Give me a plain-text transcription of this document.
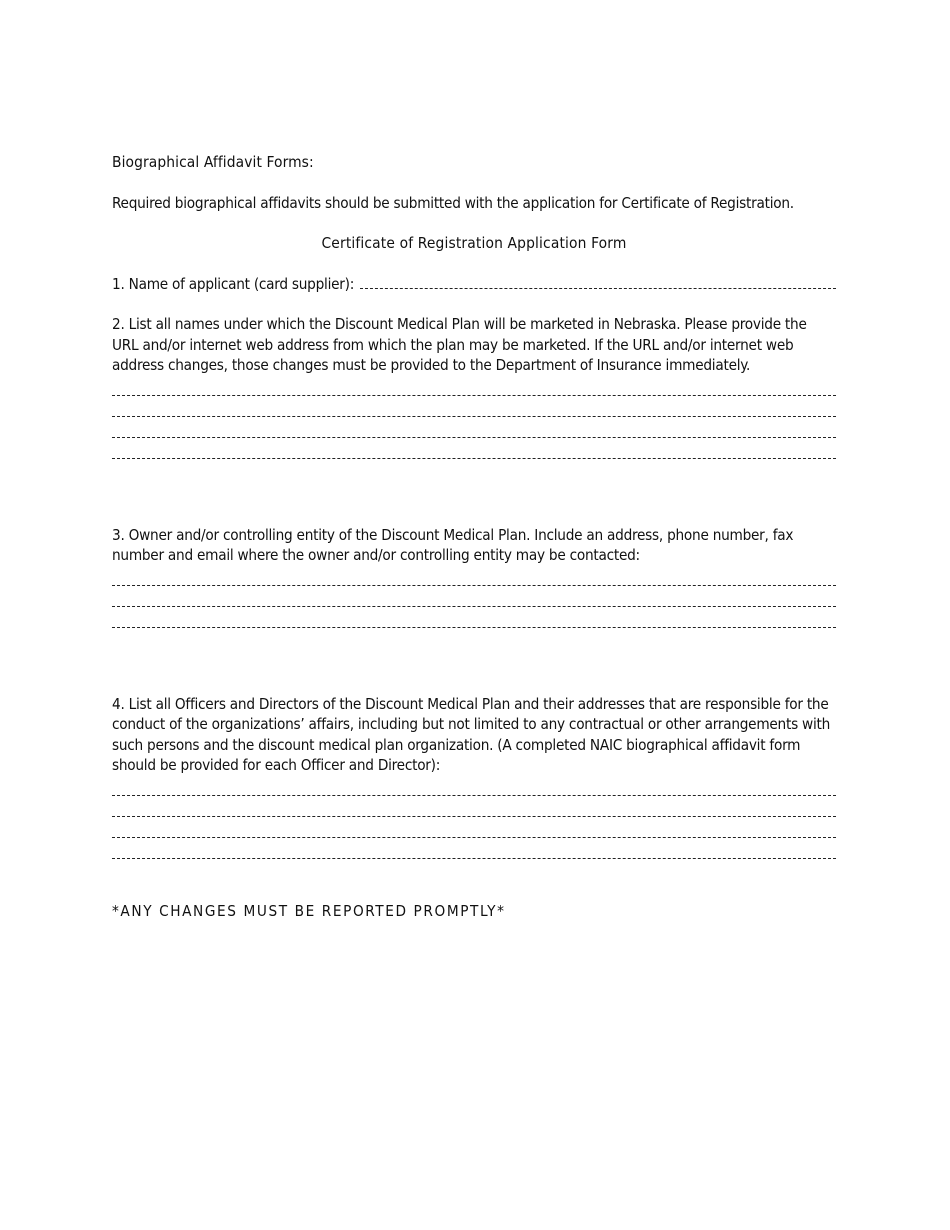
Biographical Affidavit Forms:

Required biographical affidavits should be submitted with the application for Certificate of Registration.

Certificate of Registration Application Form

1. Name of applicant (card supplier):

2. List all names under which the Discount Medical Plan will be marketed in Nebraska. Please provide the URL and/or internet web address from which the plan may be marketed. If the URL and/or internet web address changes, those changes must be provided to the Department of Insurance immediately.

3. Owner and/or controlling entity of the Discount Medical Plan. Include an address, phone number, fax number and email where the owner and/or controlling entity may be contacted:

4. List all Officers and Directors of the Discount Medical Plan and their addresses that are responsible for the conduct of the organizations’ affairs, including but not limited to any contractual or other arrangements with such persons and the discount medical plan organization. (A completed NAIC biographical affidavit form should be provided for each Officer and Director):

*ANY CHANGES MUST BE REPORTED PROMPTLY*
